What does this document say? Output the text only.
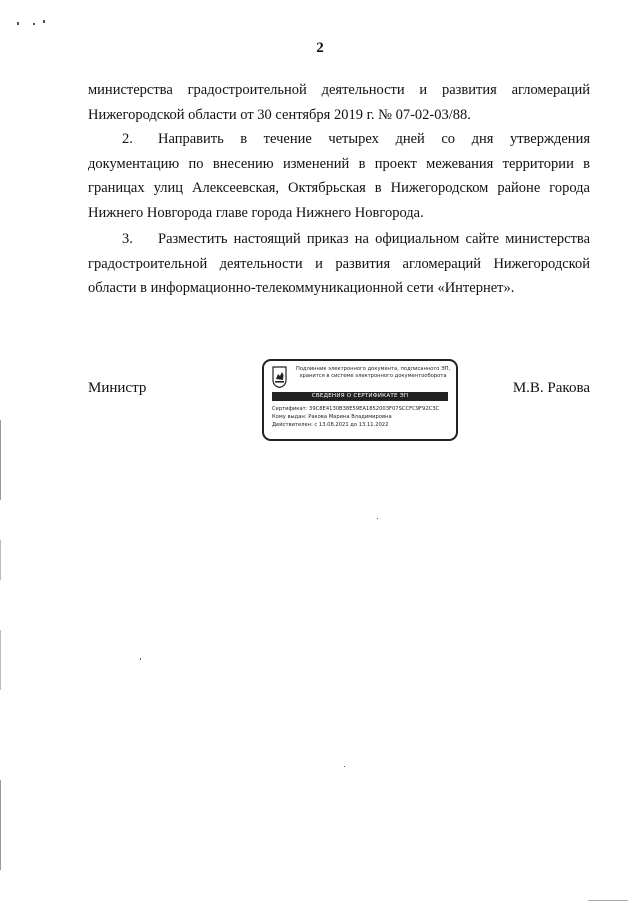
2
министерства градостроительной деятельности и развития агломераций Нижегородской области от 30 сентября 2019 г. № 07-02-03/88.
2. Направить в течение четырех дней со дня утверждения документацию по внесению изменений в проект межевания территории в границах улиц Алексеевская, Октябрьская в Нижегородском районе города Нижнего Новгорода главе города Нижнего Новгорода.
3. Разместить настоящий приказ на официальном сайте министерства градостроительной деятельности и развития агломераций Нижегородской области в информационно-телекоммуникационной сети «Интернет».
Министр
Подлинник электронного документа, подписанного ЭП,
хранится в системе электронного документооборота
СВЕДЕНИЯ О СЕРТИФИКАТЕ ЭП
Сертификат: 39C8E4130B38E59EA1852003F07SCCFC9F92C3C
Кому выдан: Ракова Марина Владимировна
Действителен: с 13.08.2021 до 13.11.2022
М.В. Ракова
